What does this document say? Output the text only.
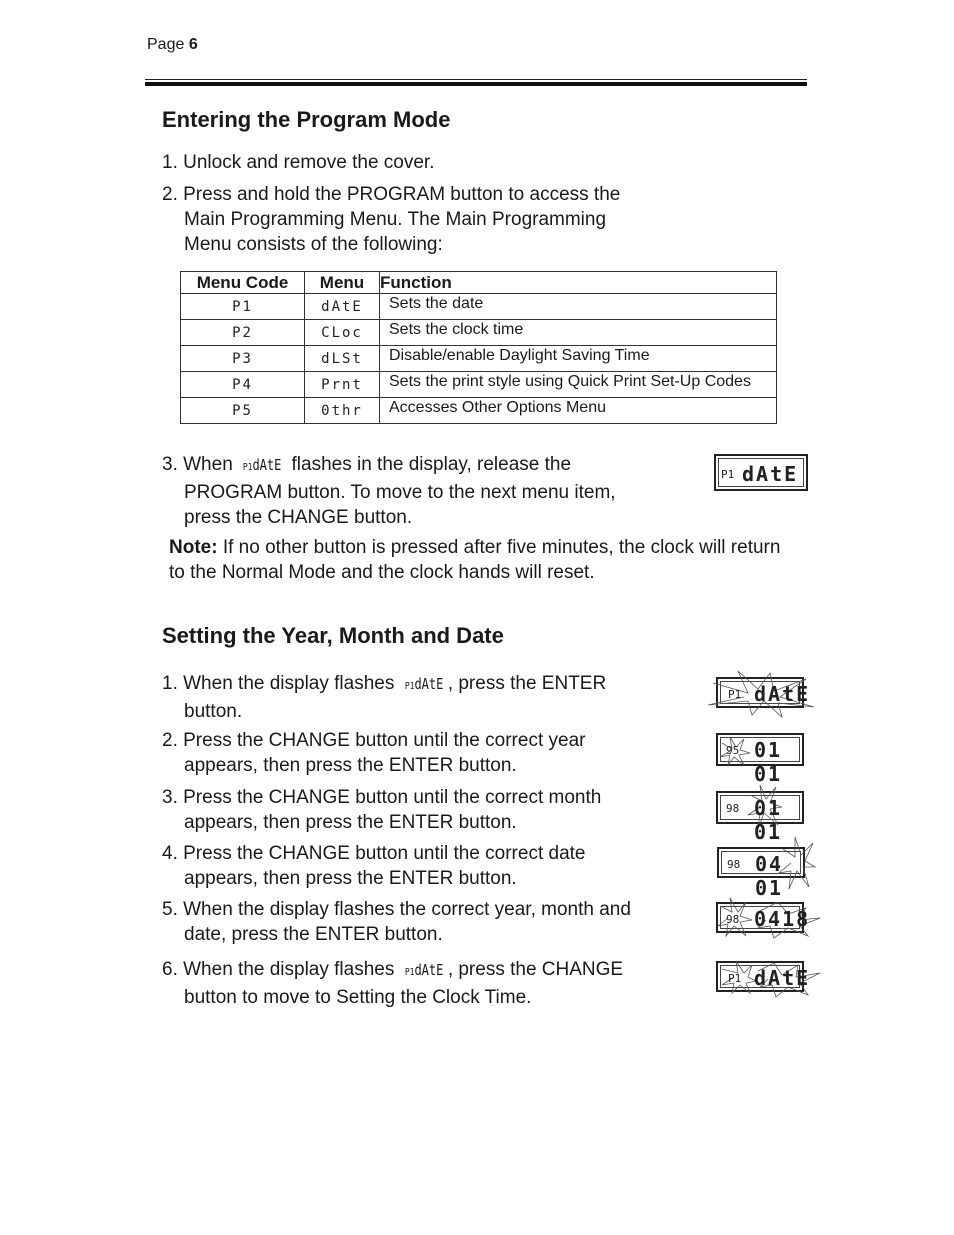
Page 6
Entering the Program Mode
1. Unlock and remove the cover.
2. Press and hold the PROGRAM button to access the
Main Programming Menu. The Main Programming
Menu consists of the following:
Menu Code	Menu	Function
P1	dAtE	Sets the date
P2	CLoc	Sets the clock time
P3	dLSt	Disable/enable Daylight Saving Time
P4	Prnt	Sets the print style using Quick Print Set-Up Codes
P5	0thr	Accesses Other Options Menu
3. When P1dAtE flashes in the display, release the
PROGRAM button. To move to the next menu item,
press the CHANGE button.
P1 dAtE
Note: If no other button is pressed after five minutes, the clock will return to the Normal Mode and the clock hands will reset.
Setting the Year, Month and Date
1. When the display flashes P1dAtE , press the ENTER
button.
2. Press the CHANGE button until the correct year
appears, then press the ENTER button.
3. Press the CHANGE button until the correct month
appears, then press the ENTER button.
4. Press the CHANGE button until the correct date
appears, then press the ENTER button.
5. When the display flashes the correct year, month and
date, press the ENTER button.
6. When the display flashes P1dAtE , press the CHANGE
button to move to Setting the Clock Time.
P1 dAtE
95 01 01
98 01 01
98 04 01
98 0418
P1 dAtE
